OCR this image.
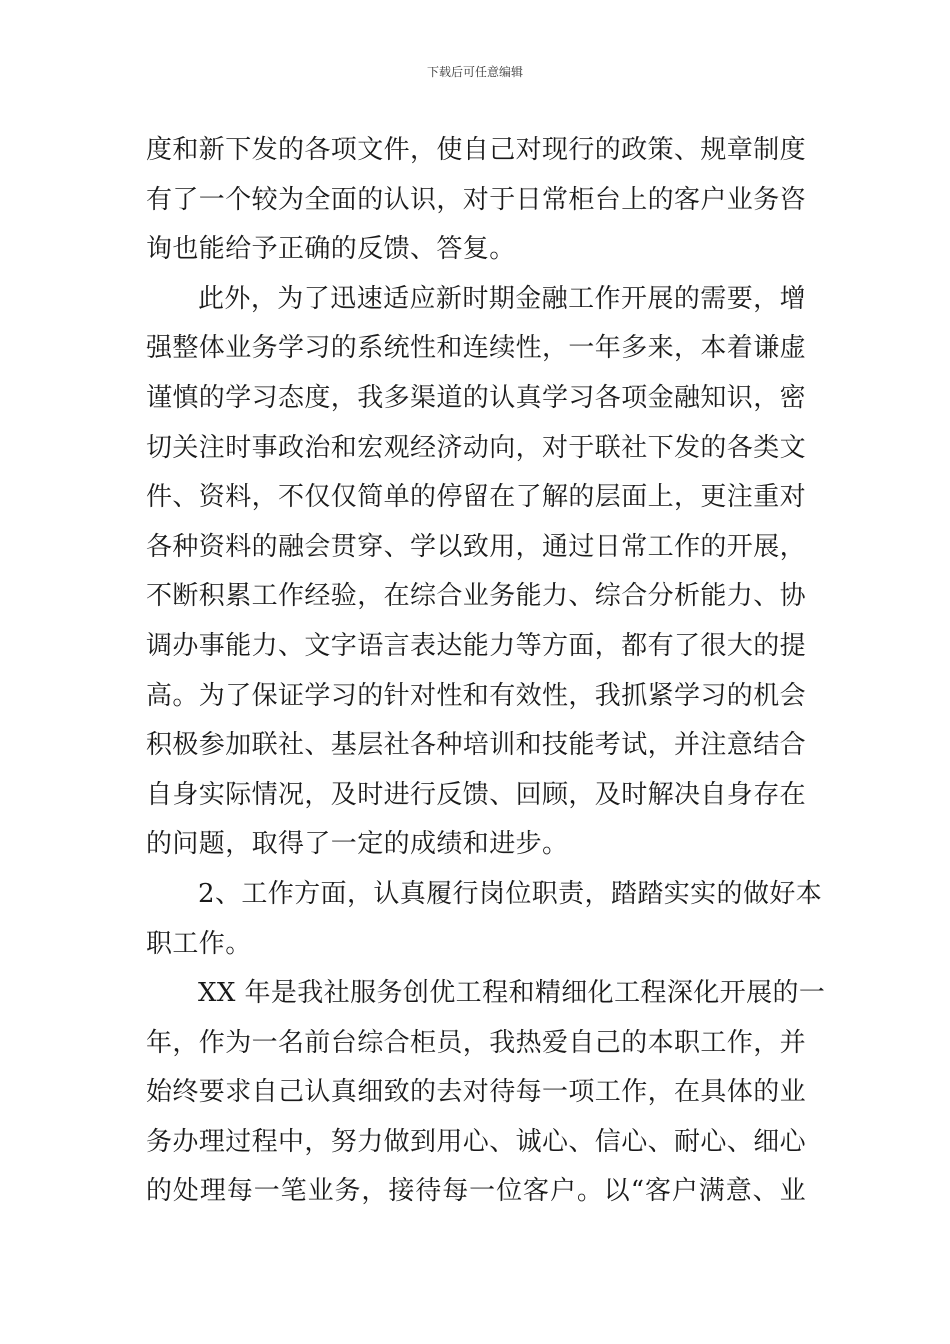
下载后可任意编辑
度和新下发的各项文件，使自己对现行的政策、规章制度
有了一个较为全面的认识，对于日常柜台上的客户业务咨
询也能给予正确的反馈、答复。
此外，为了迅速适应新时期金融工作开展的需要，增
强整体业务学习的系统性和连续性，一年多来，本着谦虚
谨慎的学习态度，我多渠道的认真学习各项金融知识，密
切关注时事政治和宏观经济动向，对于联社下发的各类文
件、资料，不仅仅简单的停留在了解的层面上，更注重对
各种资料的融会贯穿、学以致用，通过日常工作的开展，
不断积累工作经验，在综合业务能力、综合分析能力、协
调办事能力、文字语言表达能力等方面，都有了很大的提
高。为了保证学习的针对性和有效性，我抓紧学习的机会
积极参加联社、基层社各种培训和技能考试，并注意结合
自身实际情况，及时进行反馈、回顾，及时解决自身存在
的问题，取得了一定的成绩和进步。
2、工作方面，认真履行岗位职责，踏踏实实的做好本
职工作。
XX 年是我社服务创优工程和精细化工程深化开展的一
年，作为一名前台综合柜员，我热爱自己的本职工作，并
始终要求自己认真细致的去对待每一项工作，在具体的业
务办理过程中，努力做到用心、诚心、信心、耐心、细心
的处理每一笔业务，接待每一位客户。以“客户满意、业
